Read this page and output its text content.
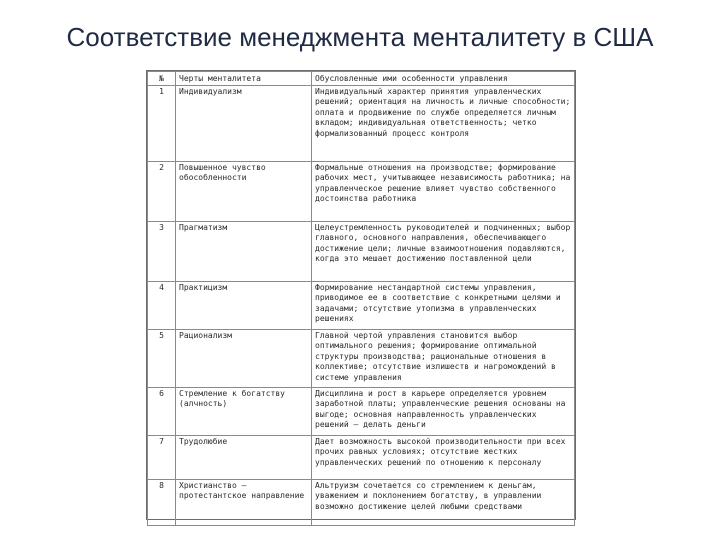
Соответствие менеджмента менталитету в США
№	Черты менталитета	Обусловленные ими особенности управления
1	Индивидуализм	Индивидуальный характер принятия управленческих решений; ориентация на личность и личные способности; оплата и продвижение по службе определяется личным вкладом; индивидуальная ответственность; четко формализованный процесс контроля
2	Повышенное чувство обособленности	Формальные отношения на производстве; формирование рабочих мест, учитывающее независимость работника; на управленческое решение влияет чувство собственного достоинства работника
3	Прагматизм	Целеустремленность руководителей и подчиненных; выбор главного, основного направления, обеспечивающего достижение цели; личные взаимоотношения подавляются, когда это мешает достижению поставленной цели
4	Практицизм	Формирование нестандартной системы управления, приводимое ее в соответствие с конкретными целями и задачами; отсутствие утопизма в управленческих решениях
5	Рационализм	Главной чертой управления становится выбор оптимального решения; формирование оптимальной структуры производства; рациональные отношения в коллективе; отсутствие излишеств и нагромождений в системе управления
6	Стремление к богатству (алчность)	Дисциплина и рост в карьере определяется уровнем заработной платы; управленческие решения основаны на выгоде; основная направленность управленческих решений — делать деньги
7	Трудолюбие	Дает возможность высокой производительности при всех прочих равных условиях; отсутствие жестких управленческих решений по отношению к персоналу
8	Христианство — протестантское направление	Альтруизм сочетается со стремлением к деньгам, уважением и поклонением богатству, в управлении возможно достижение целей любыми средствами
